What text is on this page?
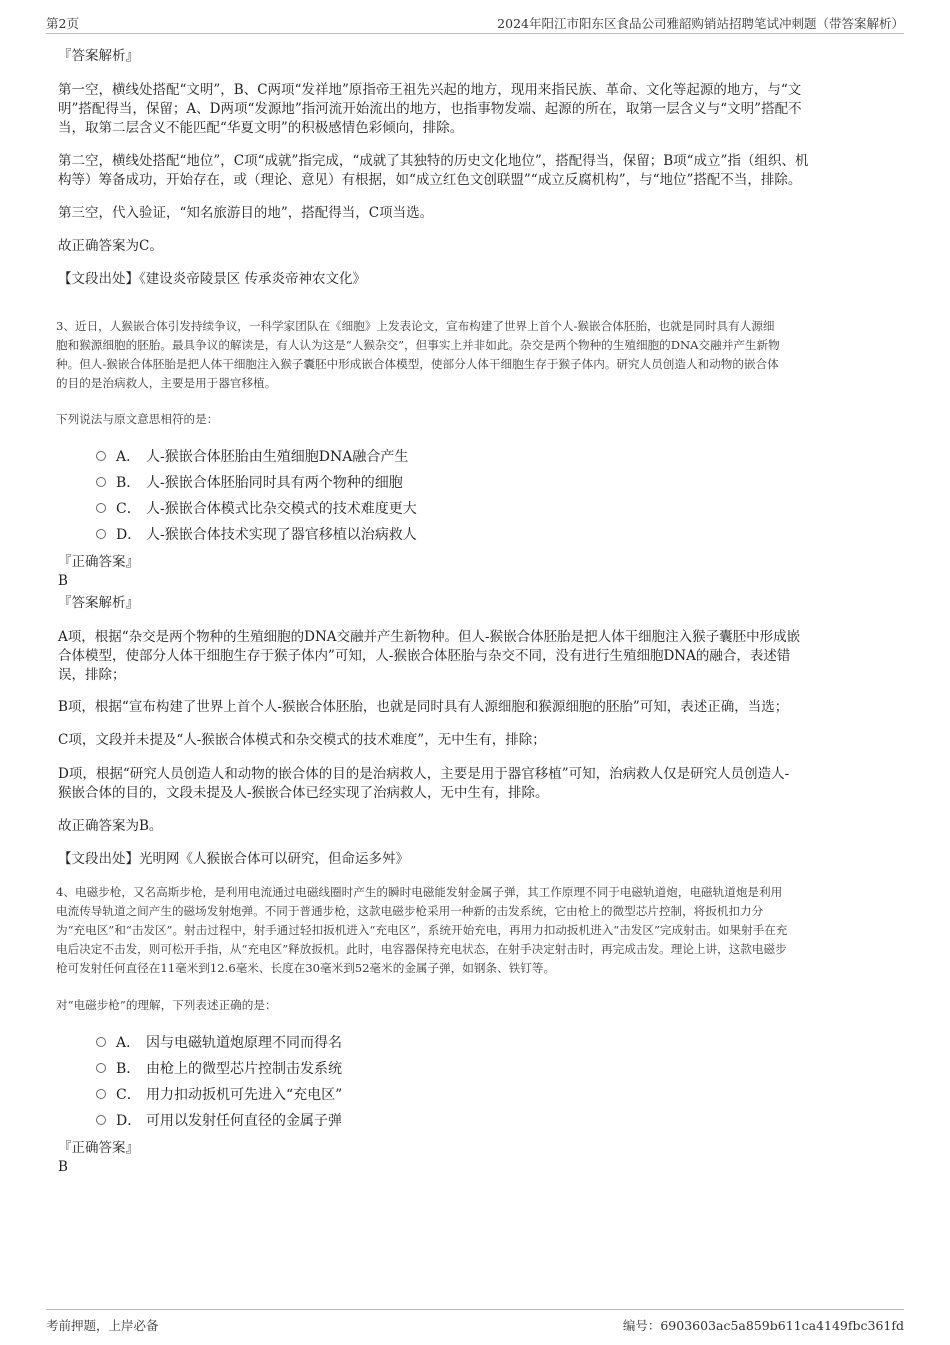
第2页	2024年阳江市阳东区食品公司雅韶购销站招聘笔试冲刺题（带答案解析）
『答案解析』
第一空，横线处搭配“文明”，B、C两项“发祥地”原指帝王祖先兴起的地方，现用来指民族、革命、文化等起源的地方，与“文
明”搭配得当，保留；A、D两项“发源地”指河流开始流出的地方，也指事物发端、起源的所在，取第一层含义与“文明”搭配不
当，取第二层含义不能匹配“华夏文明”的积极感情色彩倾向，排除。
第二空，横线处搭配“地位”，C项“成就”指完成，“成就了其独特的历史文化地位”，搭配得当，保留；B项“成立”指（组织、机
构等）筹备成功，开始存在，或（理论、意见）有根据，如“成立红色文创联盟”“成立反腐机构”，与“地位”搭配不当，排除。
第三空，代入验证，“知名旅游目的地”，搭配得当，C项当选。
故正确答案为C。
【文段出处】《建设炎帝陵景区 传承炎帝神农文化》
3、近日，人猴嵌合体引发持续争议，一科学家团队在《细胞》上发表论文，宣布构建了世界上首个人-猴嵌合体胚胎，也就是同时具有人源细
胞和猴源细胞的胚胎。最具争议的解读是，有人认为这是“人猴杂交”，但事实上并非如此。杂交是两个物种的生殖细胞的DNA交融并产生新物
种。但人-猴嵌合体胚胎是把人体干细胞注入猴子囊胚中形成嵌合体模型，使部分人体干细胞生存于猴子体内。研究人员创造人和动物的嵌合体
的目的是治病救人，主要是用于器官移植。
下列说法与原文意思相符的是：
A． 人-猴嵌合体胚胎由生殖细胞DNA融合产生
B． 人-猴嵌合体胚胎同时具有两个物种的细胞
C． 人-猴嵌合体模式比杂交模式的技术难度更大
D． 人-猴嵌合体技术实现了器官移植以治病救人
『正确答案』
B
『答案解析』
A项，根据“杂交是两个物种的生殖细胞的DNA交融并产生新物种。但人-猴嵌合体胚胎是把人体干细胞注入猴子囊胚中形成嵌
合体模型，使部分人体干细胞生存于猴子体内”可知，人-猴嵌合体胚胎与杂交不同，没有进行生殖细胞DNA的融合，表述错
误，排除；
B项，根据“宣布构建了世界上首个人-猴嵌合体胚胎，也就是同时具有人源细胞和猴源细胞的胚胎”可知，表述正确，当选；
C项，文段并未提及“人-猴嵌合体模式和杂交模式的技术难度”，无中生有，排除；
D项，根据“研究人员创造人和动物的嵌合体的目的是治病救人，主要是用于器官移植”可知，治病救人仅是研究人员创造人-
猴嵌合体的目的，文段未提及人-猴嵌合体已经实现了治病救人，无中生有，排除。
故正确答案为B。
【文段出处】光明网《人猴嵌合体可以研究，但命运多舛》
4、电磁步枪，又名高斯步枪，是利用电流通过电磁线圈时产生的瞬时电磁能发射金属子弹，其工作原理不同于电磁轨道炮，电磁轨道炮是利用
电流传导轨道之间产生的磁场发射炮弹。不同于普通步枪，这款电磁步枪采用一种新的击发系统，它由枪上的微型芯片控制，将扳机扣力分
为“充电区”和“击发区”。射击过程中，射手通过轻扣扳机进入“充电区”，系统开始充电，再用力扣动扳机进入“击发区”完成射击。如果射手在充
电后决定不击发，则可松开手指，从“充电区”释放扳机。此时，电容器保持充电状态，在射手决定射击时，再完成击发。理论上讲，这款电磁步
枪可发射任何直径在11毫米到12.6毫米、长度在30毫米到52毫米的金属子弹，如钢条、铁钉等。
对“电磁步枪”的理解，下列表述正确的是：
A． 因与电磁轨道炮原理不同而得名
B． 由枪上的微型芯片控制击发系统
C． 用力扣动扳机可先进入“充电区”
D． 可用以发射任何直径的金属子弹
『正确答案』
B
考前押题，上岸必备	编号：6903603ac5a859b611ca4149fbc361fd
